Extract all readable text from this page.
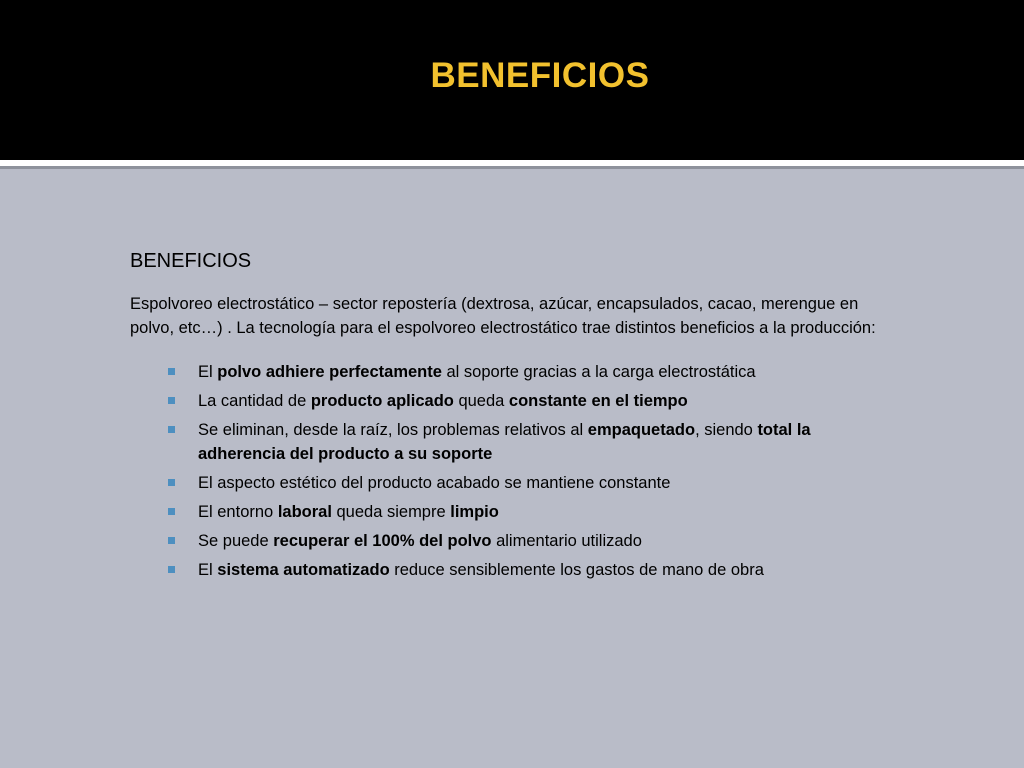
BENEFICIOS
BENEFICIOS

Espolvoreo electrostático – sector repostería (dextrosa, azúcar, encapsulados, cacao, merengue en polvo, etc…) . La tecnología para el espolvoreo electrostático trae distintos beneficios a la producción:

El polvo adhiere perfectamente al soporte gracias a la carga electrostática
La cantidad de producto aplicado queda constante en el tiempo
Se eliminan, desde la raíz, los problemas relativos al empaquetado, siendo total la adherencia del producto a su soporte
El aspecto estético del producto acabado se mantiene constante
El entorno laboral queda siempre limpio
Se puede recuperar el 100% del polvo alimentario utilizado
El sistema automatizado reduce sensiblemente los gastos de mano de obra
